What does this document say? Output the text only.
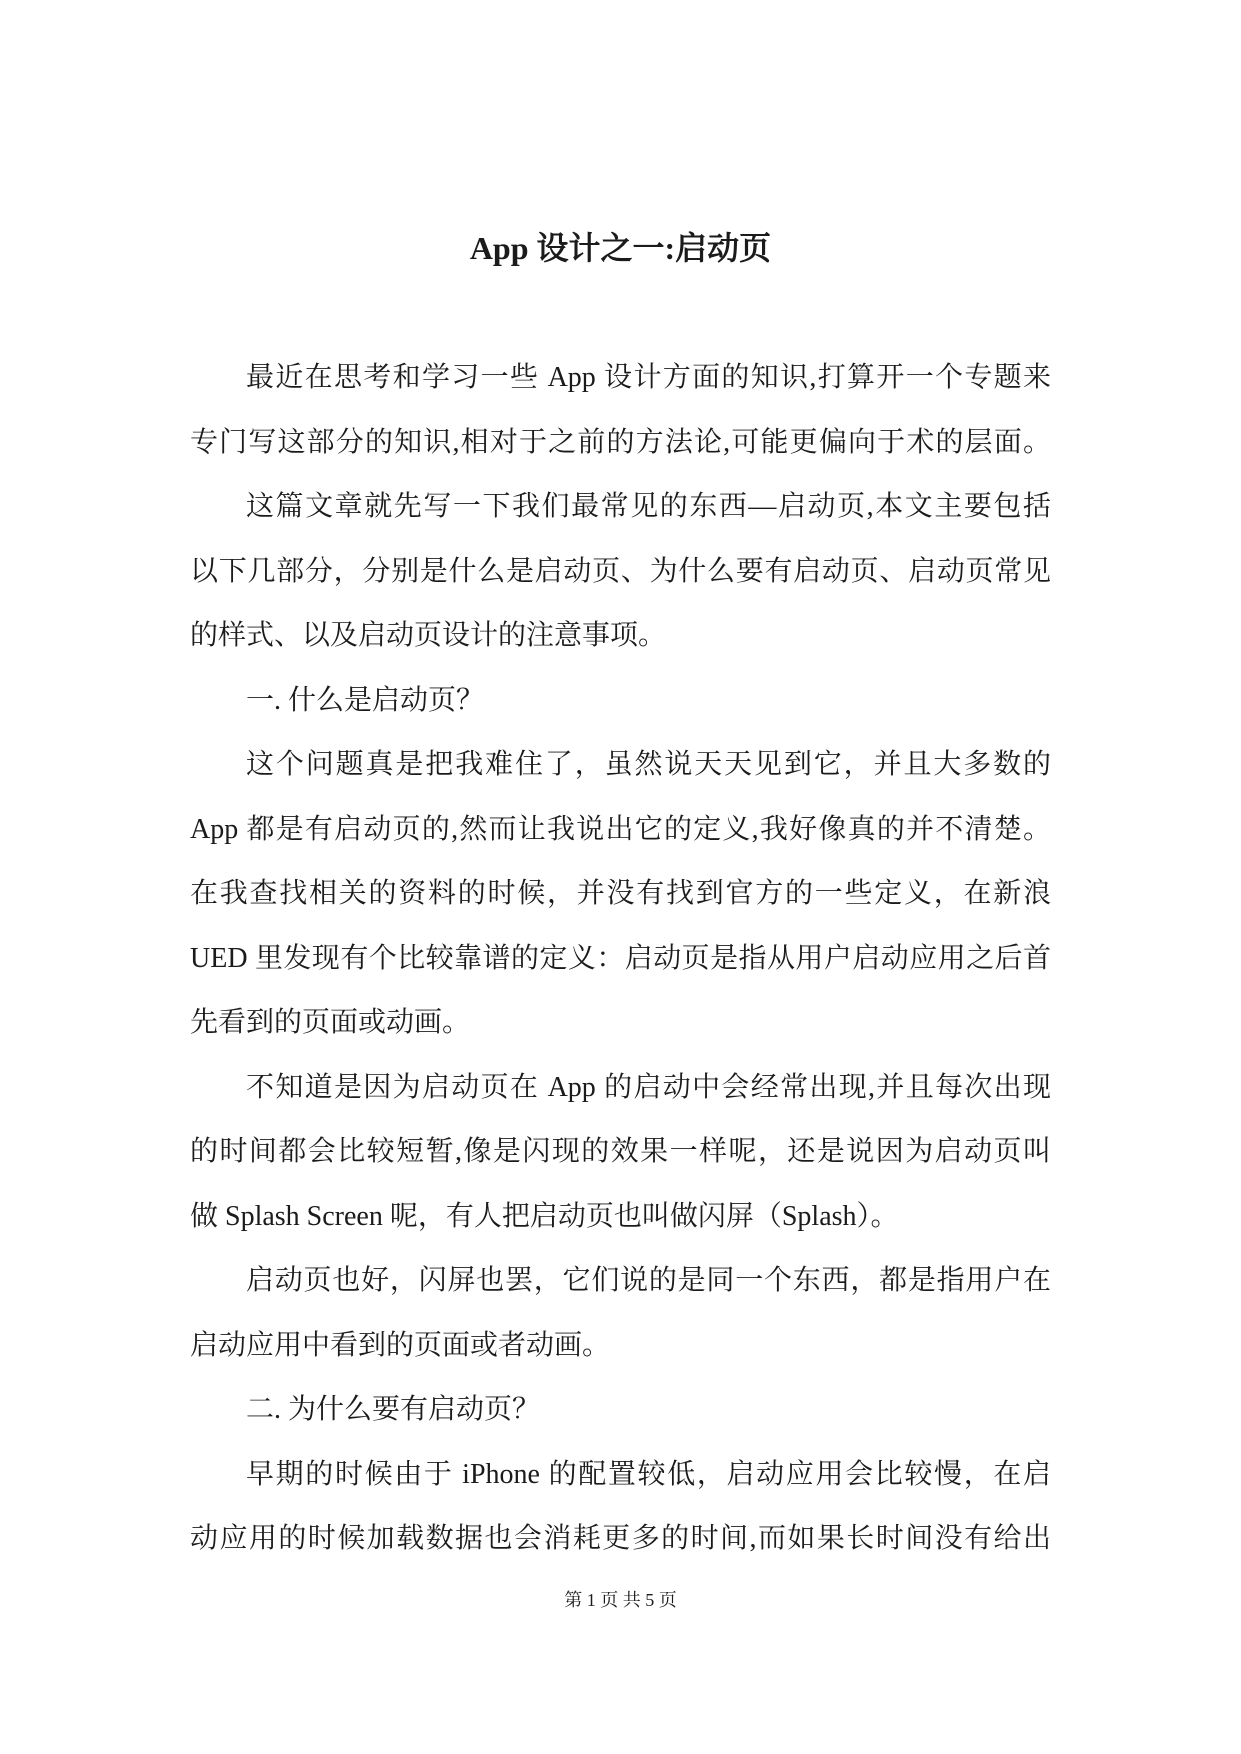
App 设计之一:启动页
最近在思考和学习一些 App 设计方面的知识,打算开一个专题来
专门写这部分的知识,相对于之前的方法论,可能更偏向于术的层面。
这篇文章就先写一下我们最常见的东西—启动页,本文主要包括
以下几部分，分别是什么是启动页、为什么要有启动页、启动页常见
的样式、以及启动页设计的注意事项。
一. 什么是启动页？
这个问题真是把我难住了，虽然说天天见到它，并且大多数的
App 都是有启动页的,然而让我说出它的定义,我好像真的并不清楚。
在我查找相关的资料的时候，并没有找到官方的一些定义，在新浪
UED 里发现有个比较靠谱的定义：启动页是指从用户启动应用之后首
先看到的页面或动画。
不知道是因为启动页在 App 的启动中会经常出现,并且每次出现
的时间都会比较短暂,像是闪现的效果一样呢，还是说因为启动页叫
做 Splash Screen 呢，有人把启动页也叫做闪屏（Splash）。
启动页也好，闪屏也罢，它们说的是同一个东西，都是指用户在
启动应用中看到的页面或者动画。
二. 为什么要有启动页？
早期的时候由于 iPhone 的配置较低，启动应用会比较慢，在启
动应用的时候加载数据也会消耗更多的时间,而如果长时间没有给出
第 1 页 共 5 页
